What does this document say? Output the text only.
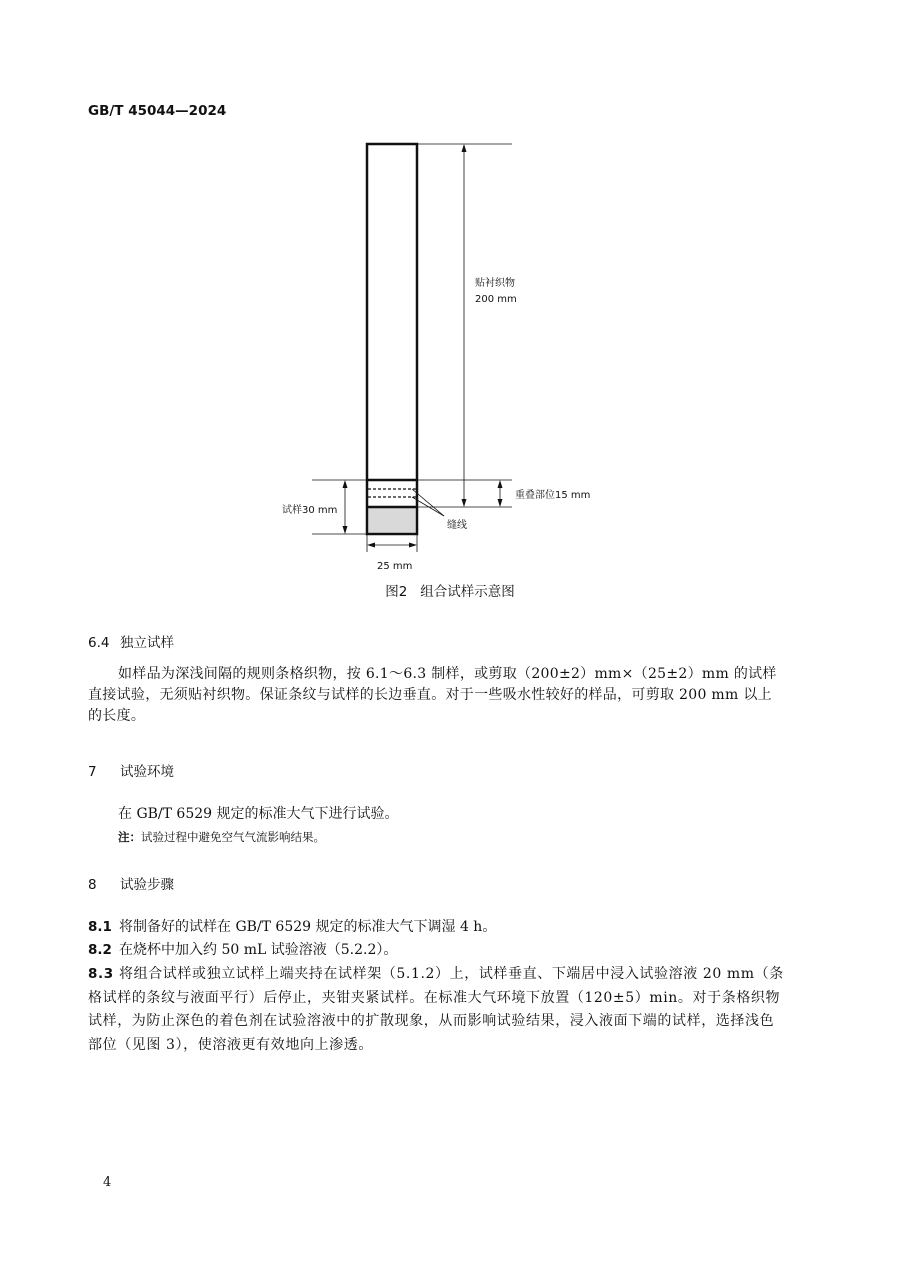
GB/T 45044—2024
贴衬织物
200 mm
重叠部位15 mm
试样30 mm
缝线
25 mm
图2   组合试样示意图
6.4 独立试样
如样品为深浅间隔的规则条格织物，按 6.1～6.3 制样，或剪取（200±2）mm×（25±2）mm 的试样直接试验，无须贴衬织物。保证条纹与试样的长边垂直。对于一些吸水性较好的样品，可剪取 200 mm 以上的长度。
7 试验环境
在 GB/T 6529 规定的标准大气下进行试验。
注：试验过程中避免空气气流影响结果。
8 试验步骤
8.1 将制备好的试样在 GB/T 6529 规定的标准大气下调湿 4 h。
8.2 在烧杯中加入约 50 mL 试验溶液（5.2.2）。
8.3 将组合试样或独立试样上端夹持在试样架（5.1.2）上，试样垂直、下端居中浸入试验溶液 20 mm（条格试样的条纹与液面平行）后停止，夹钳夹紧试样。在标准大气环境下放置（120±5）min。对于条格织物试样，为防止深色的着色剂在试验溶液中的扩散现象，从而影响试验结果，浸入液面下端的试样，选择浅色部位（见图 3），使溶液更有效地向上渗透。
4
